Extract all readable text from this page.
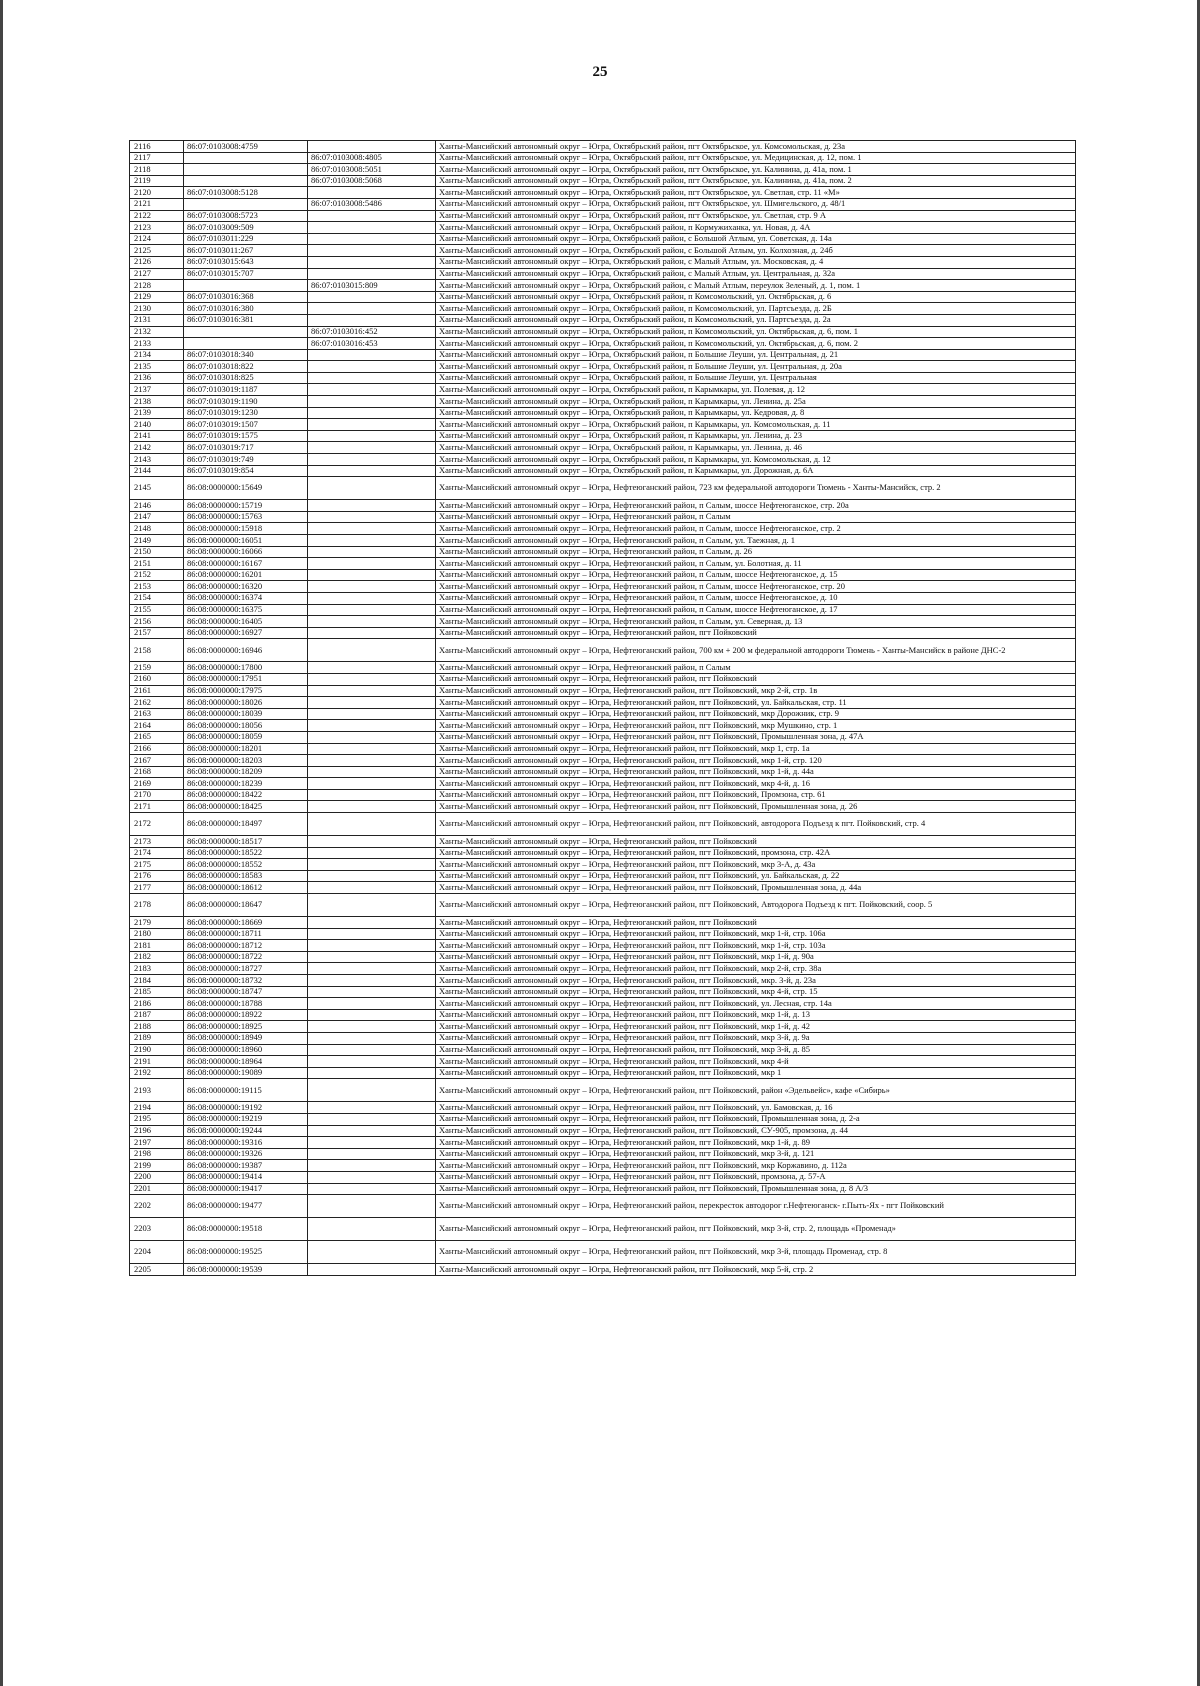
25
2116	86:07:0103008:4759		Ханты-Мансийский автономный округ – Югра, Октябрьский район, пгт Октябрьское, ул. Комсомольская, д. 23а
2117		86:07:0103008:4805	Ханты-Мансийский автономный округ – Югра, Октябрьский район, пгт Октябрьское, ул. Медицинская, д. 12, пом. 1
2118		86:07:0103008:5051	Ханты-Мансийский автономный округ – Югра, Октябрьский район, пгт Октябрьское, ул. Калинина, д. 41а, пом. 1
2119		86:07:0103008:5068	Ханты-Мансийский автономный округ – Югра, Октябрьский район, пгт Октябрьское, ул. Калинина, д. 41а, пом. 2
2120	86:07:0103008:5128		Ханты-Мансийский автономный округ – Югра, Октябрьский район, пгт Октябрьское, ул. Светлая, стр. 11 «М»
2121		86:07:0103008:5486	Ханты-Мансийский автономный округ – Югра, Октябрьский район, пгт Октябрьское, ул. Шмигельского, д. 48/1
2122	86:07:0103008:5723		Ханты-Мансийский автономный округ – Югра, Октябрьский район, пгт Октябрьское, ул. Светлая, стр. 9 А
2123	86:07:0103009:509		Ханты-Мансийский автономный округ – Югра, Октябрьский район, п Кормужиханка, ул. Новая, д. 4А
2124	86:07:0103011:229		Ханты-Мансийский автономный округ – Югра, Октябрьский район, с Большой Атлым, ул. Советская, д. 14а
2125	86:07:0103011:267		Ханты-Мансийский автономный округ – Югра, Октябрьский район, с Большой Атлым, ул. Колхозная, д. 24б
2126	86:07:0103015:643		Ханты-Мансийский автономный округ – Югра, Октябрьский район, с Малый Атлым, ул. Московская, д. 4
2127	86:07:0103015:707		Ханты-Мансийский автономный округ – Югра, Октябрьский район, с Малый Атлым, ул. Центральная, д. 32а
2128		86:07:0103015:809	Ханты-Мансийский автономный округ – Югра, Октябрьский район, с Малый Атлым, переулок Зеленый, д. 1, пом. 1
2129	86:07:0103016:368		Ханты-Мансийский автономный округ – Югра, Октябрьский район, п Комсомольский, ул. Октябрьская, д. 6
2130	86:07:0103016:380		Ханты-Мансийский автономный округ – Югра, Октябрьский район, п Комсомольский, ул. Партсъезда, д. 2Б
2131	86:07:0103016:381		Ханты-Мансийский автономный округ – Югра, Октябрьский район, п Комсомольский, ул. Партсъезда, д. 2а
2132		86:07:0103016:452	Ханты-Мансийский автономный округ – Югра, Октябрьский район, п Комсомольский, ул. Октябрьская, д. 6, пом. 1
2133		86:07:0103016:453	Ханты-Мансийский автономный округ – Югра, Октябрьский район, п Комсомольский, ул. Октябрьская, д. 6, пом. 2
2134	86:07:0103018:340		Ханты-Мансийский автономный округ – Югра, Октябрьский район, п Большие Леуши, ул. Центральная, д. 21
2135	86:07:0103018:822		Ханты-Мансийский автономный округ – Югра, Октябрьский район, п Большие Леуши, ул. Центральная, д. 20а
2136	86:07:0103018:825		Ханты-Мансийский автономный округ – Югра, Октябрьский район, п Большие Леуши, ул. Центральная
2137	86:07:0103019:1187		Ханты-Мансийский автономный округ – Югра, Октябрьский район, п Карымкары, ул. Полевая, д. 12
2138	86:07:0103019:1190		Ханты-Мансийский автономный округ – Югра, Октябрьский район, п Карымкары, ул. Ленина, д. 25а
2139	86:07:0103019:1230		Ханты-Мансийский автономный округ – Югра, Октябрьский район, п Карымкары, ул. Кедровая, д. 8
2140	86:07:0103019:1507		Ханты-Мансийский автономный округ – Югра, Октябрьский район, п Карымкары, ул. Комсомольская, д. 11
2141	86:07:0103019:1575		Ханты-Мансийский автономный округ – Югра, Октябрьский район, п Карымкары, ул. Ленина, д. 23
2142	86:07:0103019:717		Ханты-Мансийский автономный округ – Югра, Октябрьский район, п Карымкары, ул. Ленина, д. 46
2143	86:07:0103019:749		Ханты-Мансийский автономный округ – Югра, Октябрьский район, п Карымкары, ул. Комсомольская, д. 12
2144	86:07:0103019:854		Ханты-Мансийский автономный округ – Югра, Октябрьский район, п Карымкары, ул. Дорожная, д. 6А
2145	86:08:0000000:15649		Ханты-Мансийский автономный округ – Югра, Нефтеюганский район, 723 км федеральной автодороги Тюмень - Ханты-Мансийск, стр. 2
2146	86:08:0000000:15719		Ханты-Мансийский автономный округ – Югра, Нефтеюганский район, п Салым, шоссе Нефтеюганское, стр. 20а
2147	86:08:0000000:15763		Ханты-Мансийский автономный округ – Югра, Нефтеюганский район, п Салым
2148	86:08:0000000:15918		Ханты-Мансийский автономный округ – Югра, Нефтеюганский район, п Салым, шоссе Нефтеюганское, стр. 2
2149	86:08:0000000:16051		Ханты-Мансийский автономный округ – Югра, Нефтеюганский район, п Салым, ул. Таежная, д. 1
2150	86:08:0000000:16066		Ханты-Мансийский автономный округ – Югра, Нефтеюганский район, п Салым, д. 26
2151	86:08:0000000:16167		Ханты-Мансийский автономный округ – Югра, Нефтеюганский район, п Салым, ул. Болотная, д. 11
2152	86:08:0000000:16201		Ханты-Мансийский автономный округ – Югра, Нефтеюганский район, п Салым, шоссе Нефтеюганское, д. 15
2153	86:08:0000000:16320		Ханты-Мансийский автономный округ – Югра, Нефтеюганский район, п Салым, шоссе Нефтеюганское, стр. 20
2154	86:08:0000000:16374		Ханты-Мансийский автономный округ – Югра, Нефтеюганский район, п Салым, шоссе Нефтеюганское, д. 10
2155	86:08:0000000:16375		Ханты-Мансийский автономный округ – Югра, Нефтеюганский район, п Салым, шоссе Нефтеюганское, д. 17
2156	86:08:0000000:16405		Ханты-Мансийский автономный округ – Югра, Нефтеюганский район, п Салым, ул. Северная, д. 13
2157	86:08:0000000:16927		Ханты-Мансийский автономный округ – Югра, Нефтеюганский район, пгт Пойковский
2158	86:08:0000000:16946		Ханты-Мансийский автономный округ – Югра, Нефтеюганский район, 700 км + 200 м федеральной автодороги Тюмень - Ханты-Мансийск в районе ДНС-2
2159	86:08:0000000:17800		Ханты-Мансийский автономный округ – Югра, Нефтеюганский район, п Салым
2160	86:08:0000000:17951		Ханты-Мансийский автономный округ – Югра, Нефтеюганский район, пгт Пойковский
2161	86:08:0000000:17975		Ханты-Мансийский автономный округ – Югра, Нефтеюганский район, пгт Пойковский, мкр 2-й, стр. 1в
2162	86:08:0000000:18026		Ханты-Мансийский автономный округ – Югра, Нефтеюганский район, пгт Пойковский, ул. Байкальская, стр. 11
2163	86:08:0000000:18039		Ханты-Мансийский автономный округ – Югра, Нефтеюганский район, пгт Пойковский, мкр Дорожник, стр. 9
2164	86:08:0000000:18056		Ханты-Мансийский автономный округ – Югра, Нефтеюганский район, пгт Пойковский, мкр Мушкино, стр. 1
2165	86:08:0000000:18059		Ханты-Мансийский автономный округ – Югра, Нефтеюганский район, пгт Пойковский, Промышленная зона, д. 47А
2166	86:08:0000000:18201		Ханты-Мансийский автономный округ – Югра, Нефтеюганский район, пгт Пойковский, мкр 1, стр. 1а
2167	86:08:0000000:18203		Ханты-Мансийский автономный округ – Югра, Нефтеюганский район, пгт Пойковский, мкр 1-й, стр. 120
2168	86:08:0000000:18209		Ханты-Мансийский автономный округ – Югра, Нефтеюганский район, пгт Пойковский, мкр 1-й, д. 44а
2169	86:08:0000000:18239		Ханты-Мансийский автономный округ – Югра, Нефтеюганский район, пгт Пойковский, мкр 4-й, д. 16
2170	86:08:0000000:18422		Ханты-Мансийский автономный округ – Югра, Нефтеюганский район, пгт Пойковский, Промзона, стр. 61
2171	86:08:0000000:18425		Ханты-Мансийский автономный округ – Югра, Нефтеюганский район, пгт Пойковский, Промышленная зона, д. 26
2172	86:08:0000000:18497		Ханты-Мансийский автономный округ – Югра, Нефтеюганский район, пгт Пойковский, автодорога Подъезд к пгт. Пойковский, стр. 4
2173	86:08:0000000:18517		Ханты-Мансийский автономный округ – Югра, Нефтеюганский район, пгт Пойковский
2174	86:08:0000000:18522		Ханты-Мансийский автономный округ – Югра, Нефтеюганский район, пгт Пойковский, промзона, стр. 42А
2175	86:08:0000000:18552		Ханты-Мансийский автономный округ – Югра, Нефтеюганский район, пгт Пойковский, мкр 3-А, д. 43а
2176	86:08:0000000:18583		Ханты-Мансийский автономный округ – Югра, Нефтеюганский район, пгт Пойковский, ул. Байкальская, д. 22
2177	86:08:0000000:18612		Ханты-Мансийский автономный округ – Югра, Нефтеюганский район, пгт Пойковский, Промышленная зона, д. 44а
2178	86:08:0000000:18647		Ханты-Мансийский автономный округ – Югра, Нефтеюганский район, пгт Пойковский, Автодорога Подъезд к пгт. Пойковский, соор. 5
2179	86:08:0000000:18669		Ханты-Мансийский автономный округ – Югра, Нефтеюганский район, пгт Пойковский
2180	86:08:0000000:18711		Ханты-Мансийский автономный округ – Югра, Нефтеюганский район, пгт Пойковский, мкр 1-й, стр. 106а
2181	86:08:0000000:18712		Ханты-Мансийский автономный округ – Югра, Нефтеюганский район, пгт Пойковский, мкр 1-й, стр. 103а
2182	86:08:0000000:18722		Ханты-Мансийский автономный округ – Югра, Нефтеюганский район, пгт Пойковский, мкр 1-й, д. 90а
2183	86:08:0000000:18727		Ханты-Мансийский автономный округ – Югра, Нефтеюганский район, пгт Пойковский, мкр 2-й, стр. 38а
2184	86:08:0000000:18732		Ханты-Мансийский автономный округ – Югра, Нефтеюганский район, пгт Пойковский, мкр. 3-й, д. 23а
2185	86:08:0000000:18747		Ханты-Мансийский автономный округ – Югра, Нефтеюганский район, пгт Пойковский, мкр 4-й, стр. 15
2186	86:08:0000000:18788		Ханты-Мансийский автономный округ – Югра, Нефтеюганский район, пгт Пойковский, ул. Лесная, стр. 14а
2187	86:08:0000000:18922		Ханты-Мансийский автономный округ – Югра, Нефтеюганский район, пгт Пойковский, мкр 1-й, д. 13
2188	86:08:0000000:18925		Ханты-Мансийский автономный округ – Югра, Нефтеюганский район, пгт Пойковский, мкр 1-й, д. 42
2189	86:08:0000000:18949		Ханты-Мансийский автономный округ – Югра, Нефтеюганский район, пгт Пойковский, мкр 3-й, д. 9а
2190	86:08:0000000:18960		Ханты-Мансийский автономный округ – Югра, Нефтеюганский район, пгт Пойковский, мкр 3-й, д. 85
2191	86:08:0000000:18964		Ханты-Мансийский автономный округ – Югра, Нефтеюганский район, пгт Пойковский, мкр 4-й
2192	86:08:0000000:19089		Ханты-Мансийский автономный округ – Югра, Нефтеюганский район, пгт Пойковский, мкр 1
2193	86:08:0000000:19115		Ханты-Мансийский автономный округ – Югра, Нефтеюганский район, пгт Пойковский, район «Эдельвейс», кафе «Сибирь»
2194	86:08:0000000:19192		Ханты-Мансийский автономный округ – Югра, Нефтеюганский район, пгт Пойковский, ул. Бамовская, д. 16
2195	86:08:0000000:19219		Ханты-Мансийский автономный округ – Югра, Нефтеюганский район, пгт Пойковский, Промышленная зона, д. 2-а
2196	86:08:0000000:19244		Ханты-Мансийский автономный округ – Югра, Нефтеюганский район, пгт Пойковский, СУ-905, промзона, д. 44
2197	86:08:0000000:19316		Ханты-Мансийский автономный округ – Югра, Нефтеюганский район, пгт Пойковский, мкр 1-й, д. 89
2198	86:08:0000000:19326		Ханты-Мансийский автономный округ – Югра, Нефтеюганский район, пгт Пойковский, мкр 3-й, д. 121
2199	86:08:0000000:19387		Ханты-Мансийский автономный округ – Югра, Нефтеюганский район, пгт Пойковский, мкр Коржавино, д. 112а
2200	86:08:0000000:19414		Ханты-Мансийский автономный округ – Югра, Нефтеюганский район, пгт Пойковский, промзона, д. 57-А
2201	86:08:0000000:19417		Ханты-Мансийский автономный округ – Югра, Нефтеюганский район, пгт Пойковский, Промышленная зона, д. 8 А/3
2202	86:08:0000000:19477		Ханты-Мансийский автономный округ – Югра, Нефтеюганский район, перекресток автодорог г.Нефтеюганск- г.Пыть-Ях - пгт Пойковский
2203	86:08:0000000:19518		Ханты-Мансийский автономный округ – Югра, Нефтеюганский район, пгт Пойковский, мкр 3-й, стр. 2, площадь «Променад»
2204	86:08:0000000:19525		Ханты-Мансийский автономный округ – Югра, Нефтеюганский район, пгт Пойковский, мкр 3-й, площадь Променад, стр. 8
2205	86:08:0000000:19539		Ханты-Мансийский автономный округ – Югра, Нефтеюганский район, пгт Пойковский, мкр 5-й, стр. 2
